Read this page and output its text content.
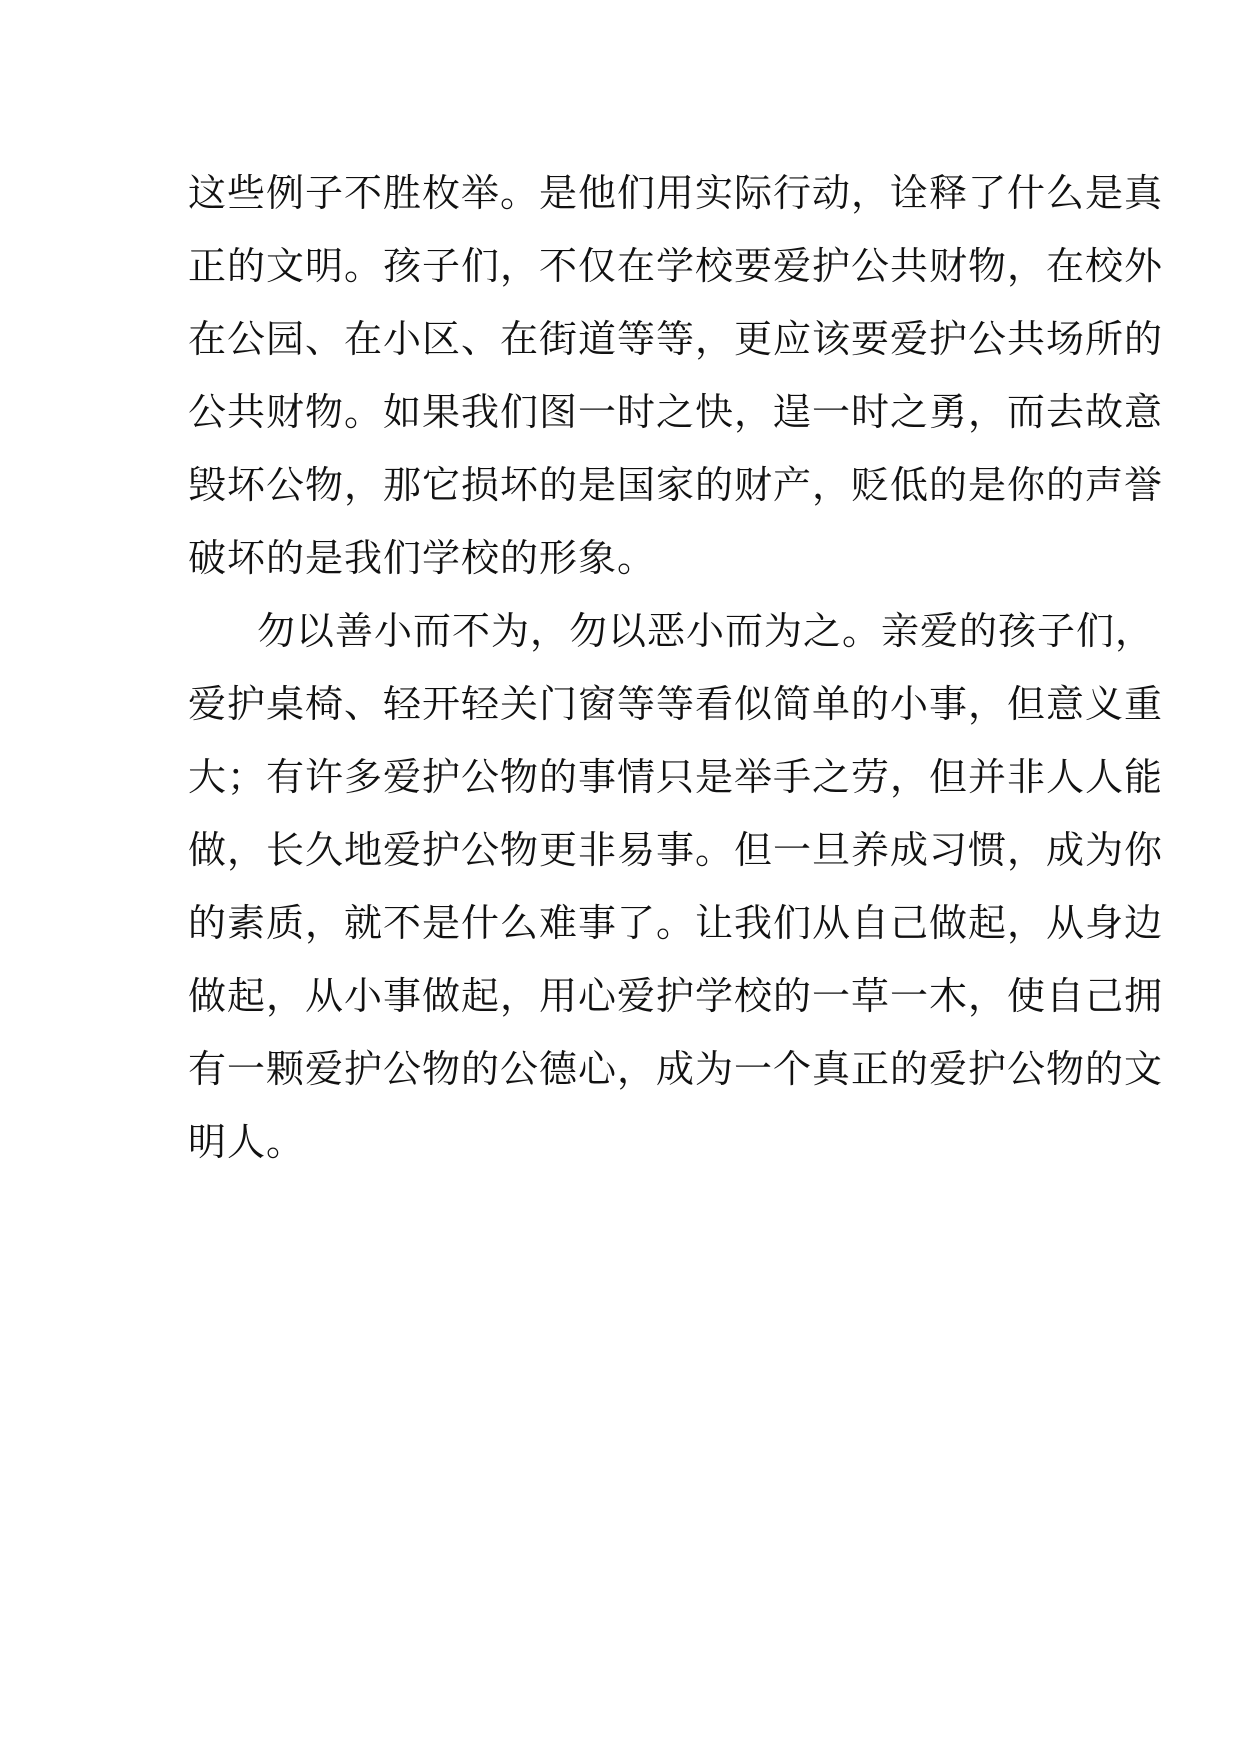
这些例子不胜枚举。是他们用实际行动，诠释了什么是真
正的文明。孩子们，不仅在学校要爱护公共财物，在校外
在公园、在小区、在街道等等，更应该要爱护公共场所的
公共财物。如果我们图一时之快，逞一时之勇，而去故意
毁坏公物，那它损坏的是国家的财产，贬低的是你的声誉
破坏的是我们学校的形象。
勿以善小而不为，勿以恶小而为之。亲爱的孩子们，
爱护桌椅、轻开轻关门窗等等看似简单的小事，但意义重
大；有许多爱护公物的事情只是举手之劳，但并非人人能
做，长久地爱护公物更非易事。但一旦养成习惯，成为你
的素质，就不是什么难事了。让我们从自己做起，从身边
做起，从小事做起，用心爱护学校的一草一木，使自己拥
有一颗爱护公物的公德心，成为一个真正的爱护公物的文
明人。
